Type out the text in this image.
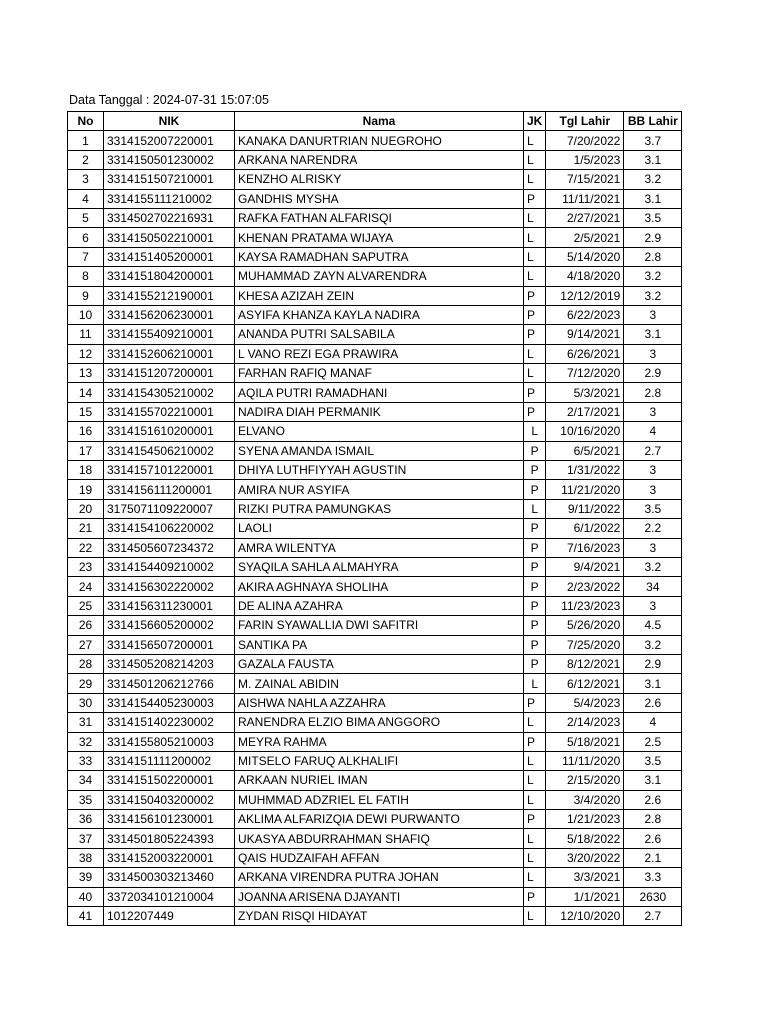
Data Tanggal : 2024-07-31 15:07:05
No	NIK	Nama	JK	Tgl Lahir	BB Lahir
1	3314152007220001	KANAKA DANURTRIAN NUEGROHO	L	7/20/2022	3.7
2	3314150501230002	ARKANA NARENDRA	L	1/5/2023	3.1
3	3314151507210001	KENZHO ALRISKY	L	7/15/2021	3.2
4	3314155111210002	GANDHIS MYSHA	P	11/11/2021	3.1
5	3314502702216931	RAFKA FATHAN ALFARISQI	L	2/27/2021	3.5
6	3314150502210001	KHENAN PRATAMA WIJAYA	L	2/5/2021	2.9
7	3314151405200001	KAYSA RAMADHAN SAPUTRA	L	5/14/2020	2.8
8	3314151804200001	MUHAMMAD ZAYN ALVARENDRA	L	4/18/2020	3.2
9	3314155212190001	KHESA AZIZAH ZEIN	P	12/12/2019	3.2
10	3314156206230001	ASYIFA KHANZA KAYLA NADIRA	P	6/22/2023	3
11	3314155409210001	ANANDA PUTRI SALSABILA	P	9/14/2021	3.1
12	3314152606210001	L VANO REZI EGA PRAWIRA	L	6/26/2021	3
13	3314151207200001	FARHAN RAFIQ MANAF	L	7/12/2020	2.9
14	3314154305210002	AQILA PUTRI RAMADHANI	P	5/3/2021	2.8
15	3314155702210001	NADIRA DIAH PERMANIK	P	2/17/2021	3
16	3314151610200001	ELVANO	L	10/16/2020	4
17	3314154506210002	SYENA AMANDA ISMAIL	P	6/5/2021	2.7
18	3314157101220001	DHIYA LUTHFIYYAH AGUSTIN	P	1/31/2022	3
19	3314156111200001	AMIRA NUR ASYIFA	P	11/21/2020	3
20	3175071109220007	RIZKI PUTRA PAMUNGKAS	L	9/11/2022	3.5
21	3314154106220002	LAOLI	P	6/1/2022	2.2
22	3314505607234372	AMRA WILENTYA	P	7/16/2023	3
23	3314154409210002	SYAQILA SAHLA ALMAHYRA	P	9/4/2021	3.2
24	3314156302220002	AKIRA AGHNAYA SHOLIHA	P	2/23/2022	34
25	3314156311230001	DE ALINA AZAHRA	P	11/23/2023	3
26	3314156605200002	FARIN SYAWALLIA DWI SAFITRI	P	5/26/2020	4.5
27	3314156507200001	SANTIKA PA	P	7/25/2020	3.2
28	3314505208214203	GAZALA FAUSTA	P	8/12/2021	2.9
29	3314501206212766	M. ZAINAL ABIDIN	L	6/12/2021	3.1
30	3314154405230003	AISHWA NAHLA AZZAHRA	P	5/4/2023	2.6
31	3314151402230002	RANENDRA ELZIO BIMA ANGGORO	L	2/14/2023	4
32	3314155805210003	MEYRA RAHMA	P	5/18/2021	2.5
33	3314151111200002	MITSELO FARUQ ALKHALIFI	L	11/11/2020	3.5
34	3314151502200001	ARKAAN NURIEL IMAN	L	2/15/2020	3.1
35	3314150403200002	MUHMMAD ADZRIEL EL FATIH	L	3/4/2020	2.6
36	3314156101230001	AKLIMA ALFARIZQIA DEWI PURWANTO	P	1/21/2023	2.8
37	3314501805224393	UKASYA ABDURRAHMAN SHAFIQ	L	5/18/2022	2.6
38	3314152003220001	QAIS HUDZAIFAH AFFAN	L	3/20/2022	2.1
39	3314500303213460	ARKANA VIRENDRA PUTRA JOHAN	L	3/3/2021	3.3
40	3372034101210004	JOANNA ARISENA DJAYANTI	P	1/1/2021	2630
41	1012207449	ZYDAN RISQI HIDAYAT	L	12/10/2020	2.7
